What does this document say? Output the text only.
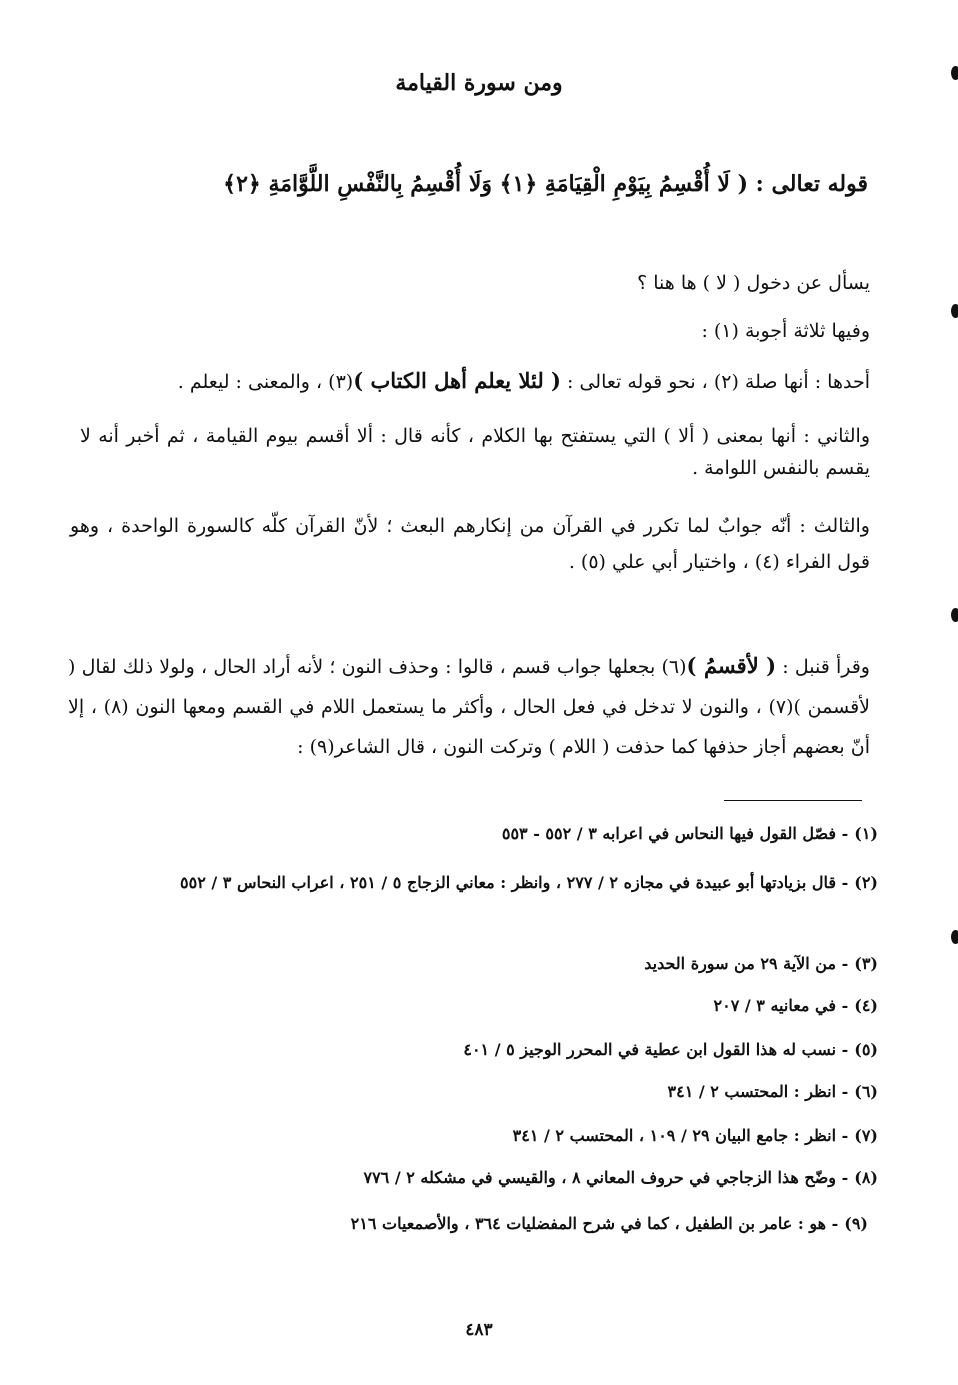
ومن سورة القيامة
قوله تعالى : ( لَا أُقْسِمُ بِيَوْمِ الْقِيَامَةِ ﴿١﴾ وَلَا أُقْسِمُ بِالنَّفْسِ اللَّوَّامَةِ ﴿٢﴾
يسأل عن دخول ( لا ) ها هنا ؟
وفيها ثلاثة أجوبة (١) :
أحدها : أنها صلة (٢) ، نحو قوله تعالى : ( لئلا يعلم أهل الكتاب )(٣) ، والمعنى : ليعلم .
والثاني : أنها بمعنى ( ألا ) التي يستفتح بها الكلام ، كأنه قال : ألا أقسم بيوم القيامة ، ثم أخبر أنه لا يقسم بالنفس اللوامة .
والثالث : أنّه جوابٌ لما تكرر في القرآن من إنكارهم البعث ؛ لأنّ القرآن كلّه كالسورة الواحدة ، وهو قول الفراء (٤) ، واختيار أبي علي (٥) .
وقرأ قنبل : ( لأقسمُ )(٦) بجعلها جواب قسم ، قالوا : وحذف النون ؛ لأنه أراد الحال ، ولولا ذلك لقال ( لأقسمن )(٧) ، والنون لا تدخل في فعل الحال ، وأكثر ما يستعمل اللام في القسم ومعها النون (٨) ، إلا أنّ بعضهم أجاز حذفها كما حذفت ( اللام ) وتركت النون ، قال الشاعر(٩) :
(١)- فصّل القول فيها النحاس في اعرابه ٣ / ٥٥٢ - ٥٥٣
(٢)- قال بزيادتها أبو عبيدة في مجازه ٢ / ٢٧٧ ، وانظر : معاني الزجاج ٥ / ٢٥١ ، اعراب النحاس ٣ / ٥٥٢
(٣)- من الآية ٢٩ من سورة الحديد
(٤)- في معانيه ٣ / ٢٠٧
(٥)- نسب له هذا القول ابن عطية في المحرر الوجيز ٥ / ٤٠١
(٦)- انظر : المحتسب ٢ / ٣٤١
(٧)- انظر : جامع البيان ٢٩ / ١٠٩ ، المحتسب ٢ / ٣٤١
(٨)- وضّح هذا الزجاجي في حروف المعاني ٨ ، والقيسي في مشكله ٢ / ٧٧٦
(٩)- هو : عامر بن الطفيل ، كما في شرح المفضليات ٣٦٤ ، والأصمعيات ٢١٦
٤٨٣
